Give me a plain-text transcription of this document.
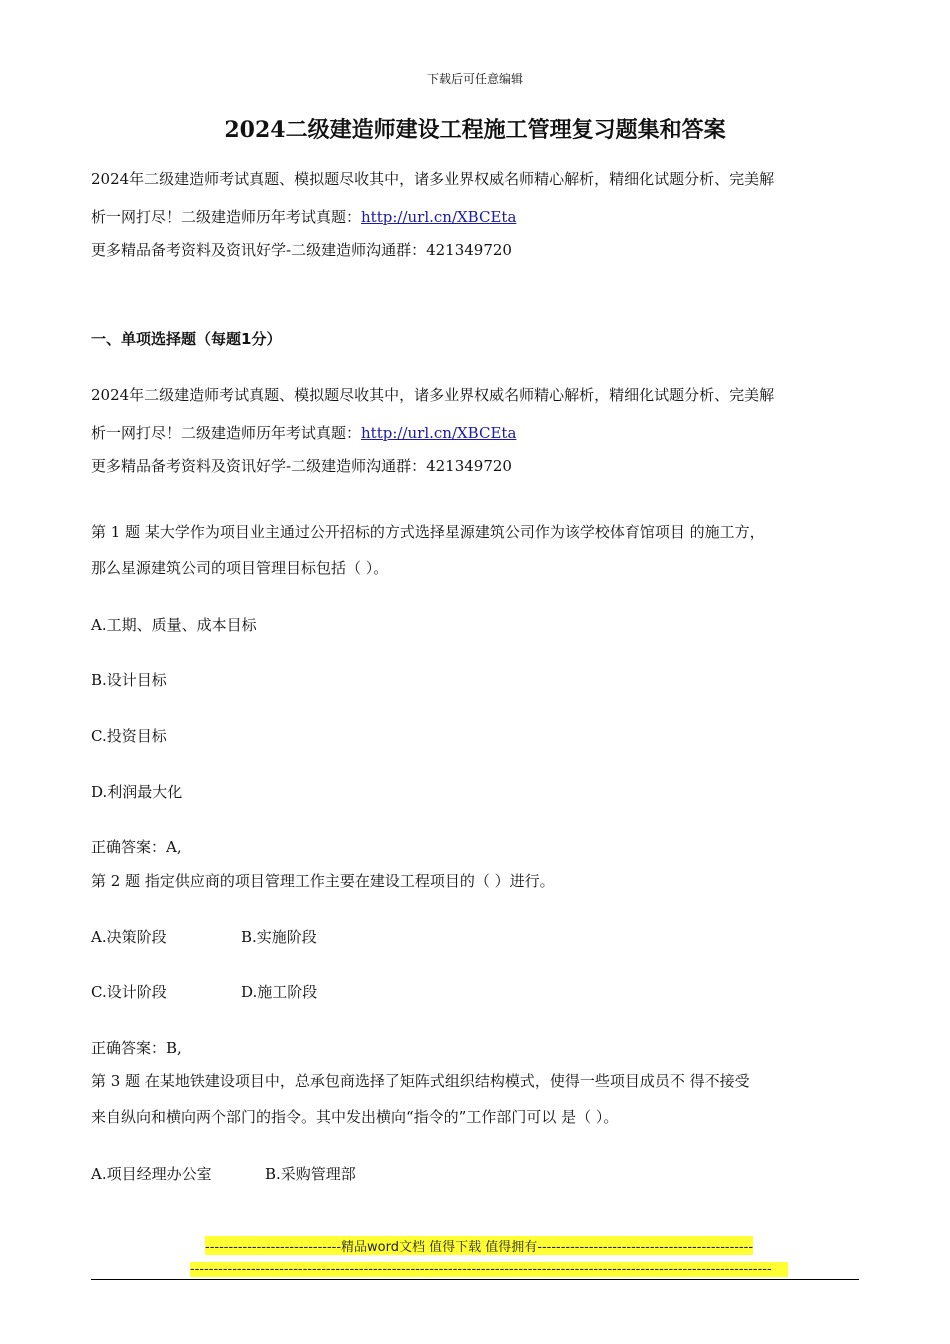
下载后可任意编辑
2024二级建造师建设工程施工管理复习题集和答案
2024年二级建造师考试真题、模拟题尽收其中，诸多业界权威名师精心解析，精细化试题分析、完美解
析一网打尽！二级建造师历年考试真题：http://url.cn/XBCEta
更多精品备考资料及资讯好学-二级建造师沟通群：421349720
一、单项选择题（每题1分）
2024年二级建造师考试真题、模拟题尽收其中，诸多业界权威名师精心解析，精细化试题分析、完美解
析一网打尽！二级建造师历年考试真题：http://url.cn/XBCEta
更多精品备考资料及资讯好学-二级建造师沟通群：421349720
第 1 题 某大学作为项目业主通过公开招标的方式选择星源建筑公司作为该学校体育馆项目 的施工方，
那么星源建筑公司的项目管理目标包括（ ）。
A.工期、质量、成本目标
B.设计目标
C.投资目标
D.利润最大化
正确答案：A,
第 2 题 指定供应商的项目管理工作主要在建设工程项目的（ ）进行。
A.决策阶段	B.实施阶段
C.设计阶段	D.施工阶段
正确答案：B,
第 3 题 在某地铁建设项目中，总承包商选择了矩阵式组织结构模式，使得一些项目成员不 得不接受
来自纵向和横向两个部门的指令。其中发出横向“指令的”工作部门可以 是（ ）。
A.项目经理办公室	B.采购管理部
-----------------------------精品word文档 值得下载 值得拥有----------------------------------------------
----------------------------------------------------------------------------------------------------------------------------
